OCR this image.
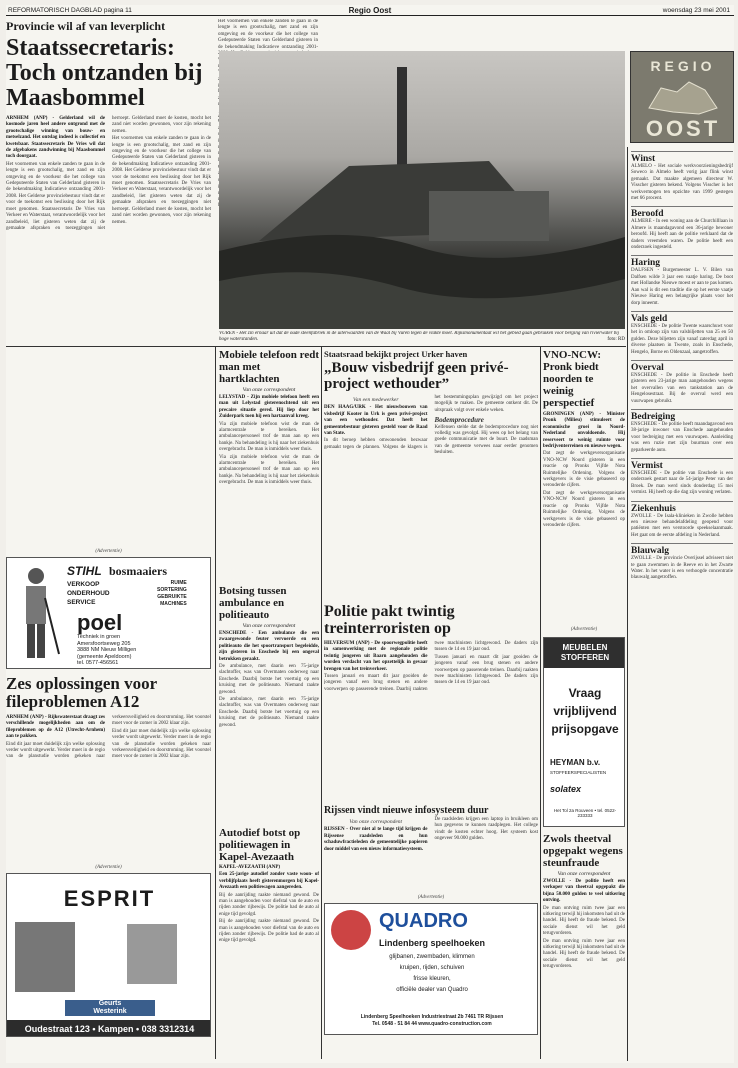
REFORMATORISCH DAGBLAD pagina 11	Regio Oost	woensdag 23 mei 2001
Provincie wil af van leverplicht
Staatssecretaris: Toch ontzanden bij Maasbommel

ARNHEM (ANP) - Gelderland wil de kosmode jaren heel andere ontgrond met de grootschalige winning van bouw- en metselzand. Het ontslag indeed is collectief en kwetsbaar. Staatssecretaris De Vries wil dat de afgebakens zandwinning bij Maasbommel toch doorgaat.

Het voornemen van enkele zanden te gaan in de lengte is een grootschalig, met zand en zijn omgeving en de voorkeur die het college van Gedeputeerde Staten van Gelderland gisteren in de bekendmaking Indicatieve ontzanding 2001-2008. Het Gelderse provinciebestuur vindt dat er voor de toekomst een beslissing door het Rijk moet genomen. Staatssecretaris De Vries van Verkeer en Waterstaat, verantwoordelijk voor het zandbeleid, liet gisteren weten dat zij de gemaakte afspraken en toezeggingen niet herroept. Gelderland moet de kosten, mocht het zand niet worden gewonnen, voor zijn rekening nemen.

Het voornemen van enkele zanden te gaan in de lengte is een grootschalig, met zand en zijn omgeving en de voorkeur die het college van Gedeputeerde Staten van Gelderland gisteren in de bekendmaking Indicatieve ontzanding 2001-2008. Het Gelderse provinciebestuur vindt dat er voor de toekomst een beslissing door het Rijk moet genomen. Staatssecretaris De Vries van Verkeer en Waterstaat, verantwoordelijk voor het zandbeleid, liet gisteren weten dat zij de gemaakte afspraken en toezeggingen niet herroept. Gelderland moet de kosten, mocht het zand niet worden gewonnen, voor zijn rekening nemen.

Het voornemen van enkele zanden te gaan in de lengte is een grootschalig, met zand en zijn omgeving en de voorkeur die het college van Gedeputeerde Staten van Gelderland gisteren in de bekendmaking Indicatieve ontzanding 2001-

VUREN - Het zin ernaar uit dat de oude steenfabriek in de uiterwaarden van de Waal bij Vuren tegen de vlakte moet. Rijksmonumentaat wil het gebied gaan gebruiken voor berging van rivierwater bij hoge waterstanden.	foto: RD
REGIO
OOST
Winst
ALMELO - Het sociale werkvoorzieningsbedrijf Soweco in Almelo heeft vorig jaar flink winst gemaakt. Dat maakte algemeen directeur W. Visscher gisteren bekend. Volgens Visscher is het werkvermogen ten opzichte van 1999 gestegen met 66 procent.
Beroofd
ALMERE - In een woning aan de Churchilllaan in Almere is maandagavond een 36-jarige bewoner beroofd. Hij heeft aan de politie verklaard dat de daders vreemden waren. De politie heeft een onderzoek ingesteld.
Haring
DALFSEN - Burgemeester L. V. Bilen van Dalfsen wilde 3 jaar een vaatje haring. De boot met Hollandse Nieuwe moest er aan te pas komen. Aan wal is dit een traditie die op het eerste vaatje Nieuwe Haring een belangrijke plaats voor het dorp inneemt.
Vals geld
ENSCHEDE - De politie Twente waarschuwt voor het in omloop zijn van valsbiljetten van 25 en 50 gulden. Deze biljetten zijn vanaf zaterdag april in diverse plaatsen in Twente, zoals in Enschede, Hengelo, Borne en Oldenzaal, aangetroffen.
Overval
ENSCHEDE - De politie in Enschede heeft gisteren een 23-jarige man aangehouden wegens het overvallen van een tankstation aan de Hengelosestraat. Bij de overval werd een vuurwapen gebruikt.
Bedreiging
ENSCHEDE - De politie heeft maandagavond een 38-jarige inwoner van Enschede aangehouden voor bedreiging met een vuurwapen. Aanleiding was een ruzie met zijn buurman over een geparkeerde auto.
Vermist
ENSCHEDE - De politie van Enschede is een onderzoek gestart naar de 54-jarige Peter van der Broek. De man werd sinds donderdag 15 mei vermist. Hij heeft op die dag zijn woning verlaten.
Ziekenhuis
ZWOLLE - De Isala-klinieken in Zwolle hebben een nieuwe behandelafdeling geopend voor patiënten met een verstoorde speekselaanmaak. Het gaat om de eerste afdeling in Nederland.
Blauwalg
ZWOLLE - De provincie Overijssel adviseert niet te gaan zwemmen in de Reeve en in het Zwarte Water. In het water is een verhoogde concentratie blauwalg aangetroffen.
Mobiele telefoon redt man met hartklachten
Van onze correspondent

LELYSTAD - Zijn mobiele telefoon heeft een man uit Lelystad gisterenochtend uit een precaire situatie gered. Hij liep door het Zuiderpark toen hij een hartaanval kreeg.

Via zijn mobiele telefoon wist de man de alarmcentrale te bereiken. Het ambulancepersoneel trof de man aan op een bankje. Na behandeling is hij naar het ziekenhuis overgebracht. De man is inmiddels weer thuis.

Via zijn mobiele telefoon wist de man de alarmcentrale te bereiken. Het ambulancepersoneel trof de man aan op een bankje. Na behandeling is hij naar het ziekenhuis overgebracht. De man is inmiddels weer thuis.

Staatsraad bekijkt project Urker haven
„Bouw visbedrijf geen privé-project wethouder”
Van een medewerker

DEN HAAG/URK - Het nieuwbouwen van visbedrijf Kooter in Urk is geen privé-project van een wethouder. Dat heeft het gemeentebestuur gisteren gesteld voor de Raad van State.

In dit beroep hebben omwonenden bezwaar gemaakt tegen de plannen. Volgens de klagers is het bestemmingsplan gewijzigd om het project mogelijk te maken. De gemeente ontkent dit. De uitspraak volgt over enkele weken.

Bodemprocedure

Kelfensen stelde dat de bodemprocedure nog niet volledig was gevolgd. Hij wees op het belang van goede communicatie met de buurt. De raadsman van de gemeente verwees naar eerder genomen besluiten.

VNO-NCW: Pronk biedt noorden te weinig perspectief

GRONINGEN (ANP) - Minister Pronk (Milieu) stimuleert de economische groei in Noord-Nederland onvoldoende. Hij reserveert te weinig ruimte voor bedrijventerreinen en nieuwe wegen.

Dat zegt de werkgeversorganisatie VNO-NCW Noord gisteren in een reactie op Pronks Vijfde Nota Ruimtelijke Ordening. Volgens de werkgevers is de visie gebaseerd op verouderde cijfers.

Dat zegt de werkgeversorganisatie VNO-NCW Noord gisteren in een reactie op Pronks Vijfde Nota Ruimtelijke Ordening. Volgens de werkgevers is de visie gebaseerd op verouderde cijfers.

(Advertentie)
STIHL bosmaaiers
VERKOOP
ONDERHOUD
SERVICE
RUIME
SORTERING
GEBRUIKTE
MACHINES
poel
Techniek in groen
Amersfoortseweg 205
3888 NM Nieuw Milligen
(gemeente Apeldoorn)
tel. 0577-456561
Zes oplossingen voor fileproblemen A12

ARNHEM (ANP) - Rijkswaterstaat draagt zes verschillende mogelijkheden aan om de fileproblemen op de A12 (Utrecht-Arnhem) aan te pakken.

Eind dit jaar moet duidelijk zijn welke oplossing verder wordt uitgewerkt. Verder moet in de regio van de planstudie worden gekeken naar verkeersveiligheid en doorstroming. Het voorstel moet voor de zomer in 2002 klaar zijn.

Eind dit jaar moet duidelijk zijn welke oplossing verder wordt uitgewerkt. Verder moet in de regio van de planstudie worden gekeken naar verkeersveiligheid en doorstroming. Het voorstel moet voor de zomer in 2002 klaar zijn.

(Advertentie)
ESPRIT
Geurts
Westerink
Oudestraat 123 • Kampen • 038 3312314
Botsing tussen ambulance en politieauto
Van onze correspondent

ENSCHEDE - Een ambulance die een zwaargewonde feuter vervoerde en een politieauto die het spoortransport begeleidde, zijn gisteren in Enschede bij een ongeval betrokken geraakt.

De ambulance, met daarin een 75-jarige slachtoffer, was van Overmaten onderweg naar Enschede. Daarbij botste het voertuig op een kruising met de politieauto. Niemand raakte gewond.

De ambulance, met daarin een 75-jarige slachtoffer, was van Overmaten onderweg naar Enschede. Daarbij botste het voertuig op een kruising met de politieauto. Niemand raakte gewond.

Autodief botst op politiewagen in Kapel-Avezaath

KAPEL-AVEZAATH (ANP)

Een 25-jarige autodief zonder vaste woon- of verblijfplaats heeft gisterenmorgen bij Kapel-Avezaath een politiewagen aangereden.

Bij de aanrijding raakte niemand gewond. De man is aangehouden voor diefstal van de auto en rijden zonder rijbewijs. De politie had de auto al enige tijd gevolgd.

Bij de aanrijding raakte niemand gewond. De man is aangehouden voor diefstal van de auto en rijden zonder rijbewijs. De politie had de auto al enige tijd gevolgd.

Politie pakt twintig treinterroristen op

HILVERSUM (ANP) - De spoorwegpolitie heeft in samenwerking met de regionale politie twintig jongeren uit Baarn aangehouden die worden verdacht van het opzettelijk in gevaar brengen van het treinverkeer.

Tussen januari en maart dit jaar gooiden de jongeren vanaf een brug stenen en andere voorwerpen op passerende treinen. Daarbij raakten twee machinisten lichtgewond. De daders zijn tussen de 14 en 19 jaar oud.

Tussen januari en maart dit jaar gooiden de jongeren vanaf een brug stenen en andere voorwerpen op passerende treinen. Daarbij raakten twee machinisten lichtgewond. De daders zijn tussen de 14 en 19 jaar oud.

(Advertentie)
MEUBELEN STOFFEREN
Vraag
vrijblijvend
prijsopgave
HEYMAN b.v.
STOFFEERSPECIALISTEN
solatex
Het Tol 2a Rouveen • tel. 0522-233333
Zwols theetval opgepakt wegens steunfraude
Van onze correspondent

ZWOLLE - De politie heeft een verkoper van theetval opgepakt die bijna 50.000 gulden te veel uitkering ontving.

De man ontving ruim twee jaar een uitkering terwijl hij inkomsten had uit de handel. Hij heeft de fraude bekend. De sociale dienst wil het geld terugvorderen.

De man ontving ruim twee jaar een uitkering terwijl hij inkomsten had uit de handel. Hij heeft de fraude bekend. De sociale dienst wil het geld terugvorderen.

Rijssen vindt nieuwe infosysteem duur
Van onze correspondent

RIJSSEN - Over niet al te lange tijd krijgen de Rijssense raadsleden en hun schaduwfractieleden de gemeentelijke papieren door middel van een nieuw informatiesysteem.

De raadsleden krijgen een laptop in bruikleen om hun gegevens te kunnen raadplegen. Het college vindt de kosten echter hoog. Het systeem kost ongeveer 90.000 gulden.

(Advertentie)
QUADRO
Lindenberg speelhoeken
glijbanen, zwembaden, klimmen
kruipen, rijden, schuiven
frisse kleuren,
officiële dealer van Quadro
Lindenberg Speelhoeken Industriestraat 2b 7461 TR Rijssen
Tel. 0548 - 51 84 44 www.quadro-construction.com
